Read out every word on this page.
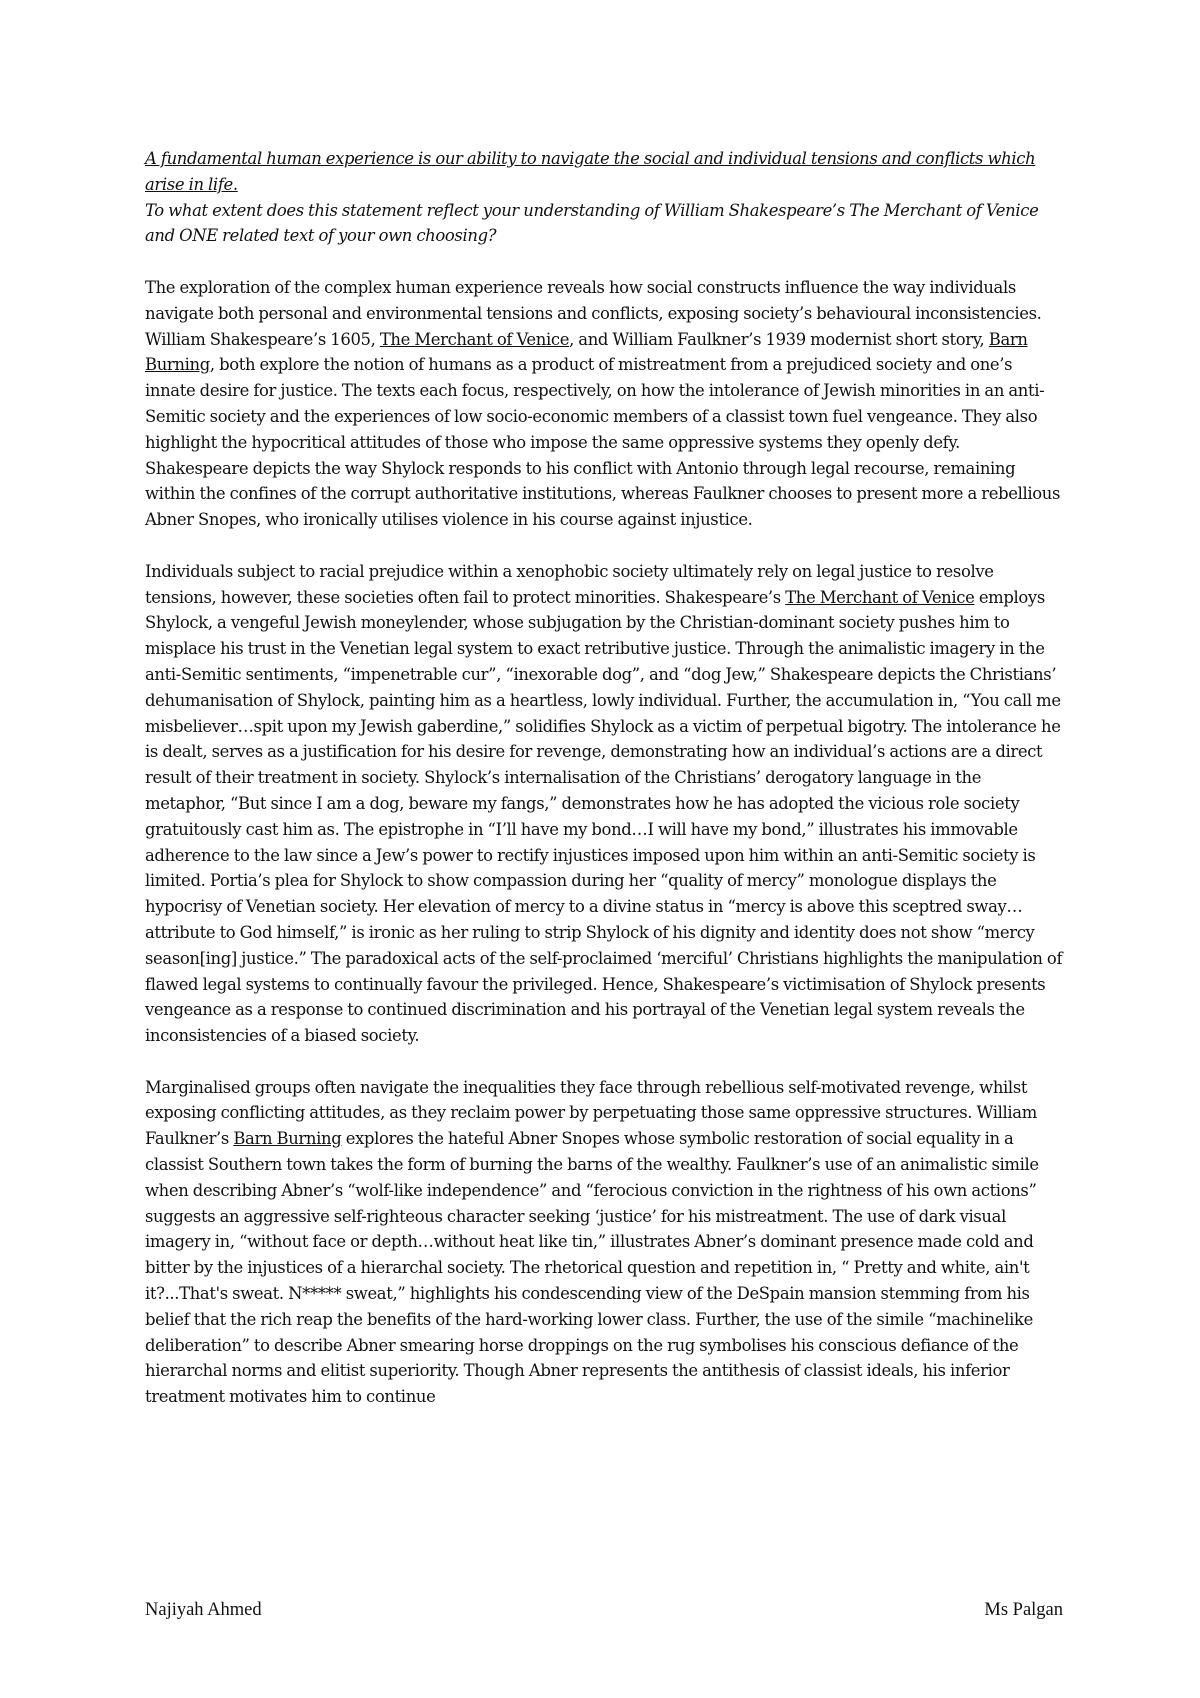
A fundamental human experience is our ability to navigate the social and individual tensions and conflicts which arise in life.

To what extent does this statement reflect your understanding of William Shakespeare’s The Merchant of Venice and ONE related text of your own choosing?

The exploration of the complex human experience reveals how social constructs influence the way individuals navigate both personal and environmental tensions and conflicts, exposing society’s behavioural inconsistencies. William Shakespeare’s 1605, The Merchant of Venice, and William Faulkner’s 1939 modernist short story, Barn Burning, both explore the notion of humans as a product of mistreatment from a prejudiced society and one’s innate desire for justice. The texts each focus, respectively, on how the intolerance of Jewish minorities in an anti-Semitic society and the experiences of low socio-economic members of a classist town fuel vengeance. They also highlight the hypocritical attitudes of those who impose the same oppressive systems they openly defy. Shakespeare depicts the way Shylock responds to his conflict with Antonio through legal recourse, remaining within the confines of the corrupt authoritative institutions, whereas Faulkner chooses to present more a rebellious Abner Snopes, who ironically utilises violence in his course against injustice.

Individuals subject to racial prejudice within a xenophobic society ultimately rely on legal justice to resolve tensions, however, these societies often fail to protect minorities. Shakespeare’s The Merchant of Venice employs Shylock, a vengeful Jewish moneylender, whose subjugation by the Christian-dominant society pushes him to misplace his trust in the Venetian legal system to exact retributive justice. Through the animalistic imagery in the anti-Semitic sentiments, “impenetrable cur”, “inexorable dog”, and “dog Jew,” Shakespeare depicts the Christians’ dehumanisation of Shylock, painting him as a heartless, lowly individual. Further, the accumulation in, “You call me misbeliever…spit upon my Jewish gaberdine,” solidifies Shylock as a victim of perpetual bigotry. The intolerance he is dealt, serves as a justification for his desire for revenge, demonstrating how an individual’s actions are a direct result of their treatment in society. Shylock’s internalisation of the Christians’ derogatory language in the metaphor, “But since I am a dog, beware my fangs,” demonstrates how he has adopted the vicious role society gratuitously cast him as. The epistrophe in “I’ll have my bond…I will have my bond,” illustrates his immovable adherence to the law since a Jew’s power to rectify injustices imposed upon him within an anti-Semitic society is limited. Portia’s plea for Shylock to show compassion during her “quality of mercy” monologue displays the hypocrisy of Venetian society. Her elevation of mercy to a divine status in “mercy is above this sceptred sway… attribute to God himself,” is ironic as her ruling to strip Shylock of his dignity and identity does not show “mercy season[ing] justice.” The paradoxical acts of the self-proclaimed ‘merciful’ Christians highlights the manipulation of flawed legal systems to continually favour the privileged. Hence, Shakespeare’s victimisation of Shylock presents vengeance as a response to continued discrimination and his portrayal of the Venetian legal system reveals the inconsistencies of a biased society.

Marginalised groups often navigate the inequalities they face through rebellious self-motivated revenge, whilst exposing conflicting attitudes, as they reclaim power by perpetuating those same oppressive structures. William Faulkner’s Barn Burning explores the hateful Abner Snopes whose symbolic restoration of social equality in a classist Southern town takes the form of burning the barns of the wealthy. Faulkner’s use of an animalistic simile when describing Abner’s “wolf-like independence” and “ferocious conviction in the rightness of his own actions” suggests an aggressive self-righteous character seeking ‘justice’ for his mistreatment. The use of dark visual imagery in, “without face or depth…without heat like tin,” illustrates Abner’s dominant presence made cold and bitter by the injustices of a hierarchal society. The rhetorical question and repetition in, “ Pretty and white, ain't it?...That's sweat. N***** sweat,” highlights his condescending view of the DeSpain mansion stemming from his belief that the rich reap the benefits of the hard-working lower class. Further, the use of the simile “machinelike deliberation” to describe Abner smearing horse droppings on the rug symbolises his conscious defiance of the hierarchal norms and elitist superiority. Though Abner represents the antithesis of classist ideals, his inferior treatment motivates him to continue

Najiyah Ahmed	Ms Palgan
